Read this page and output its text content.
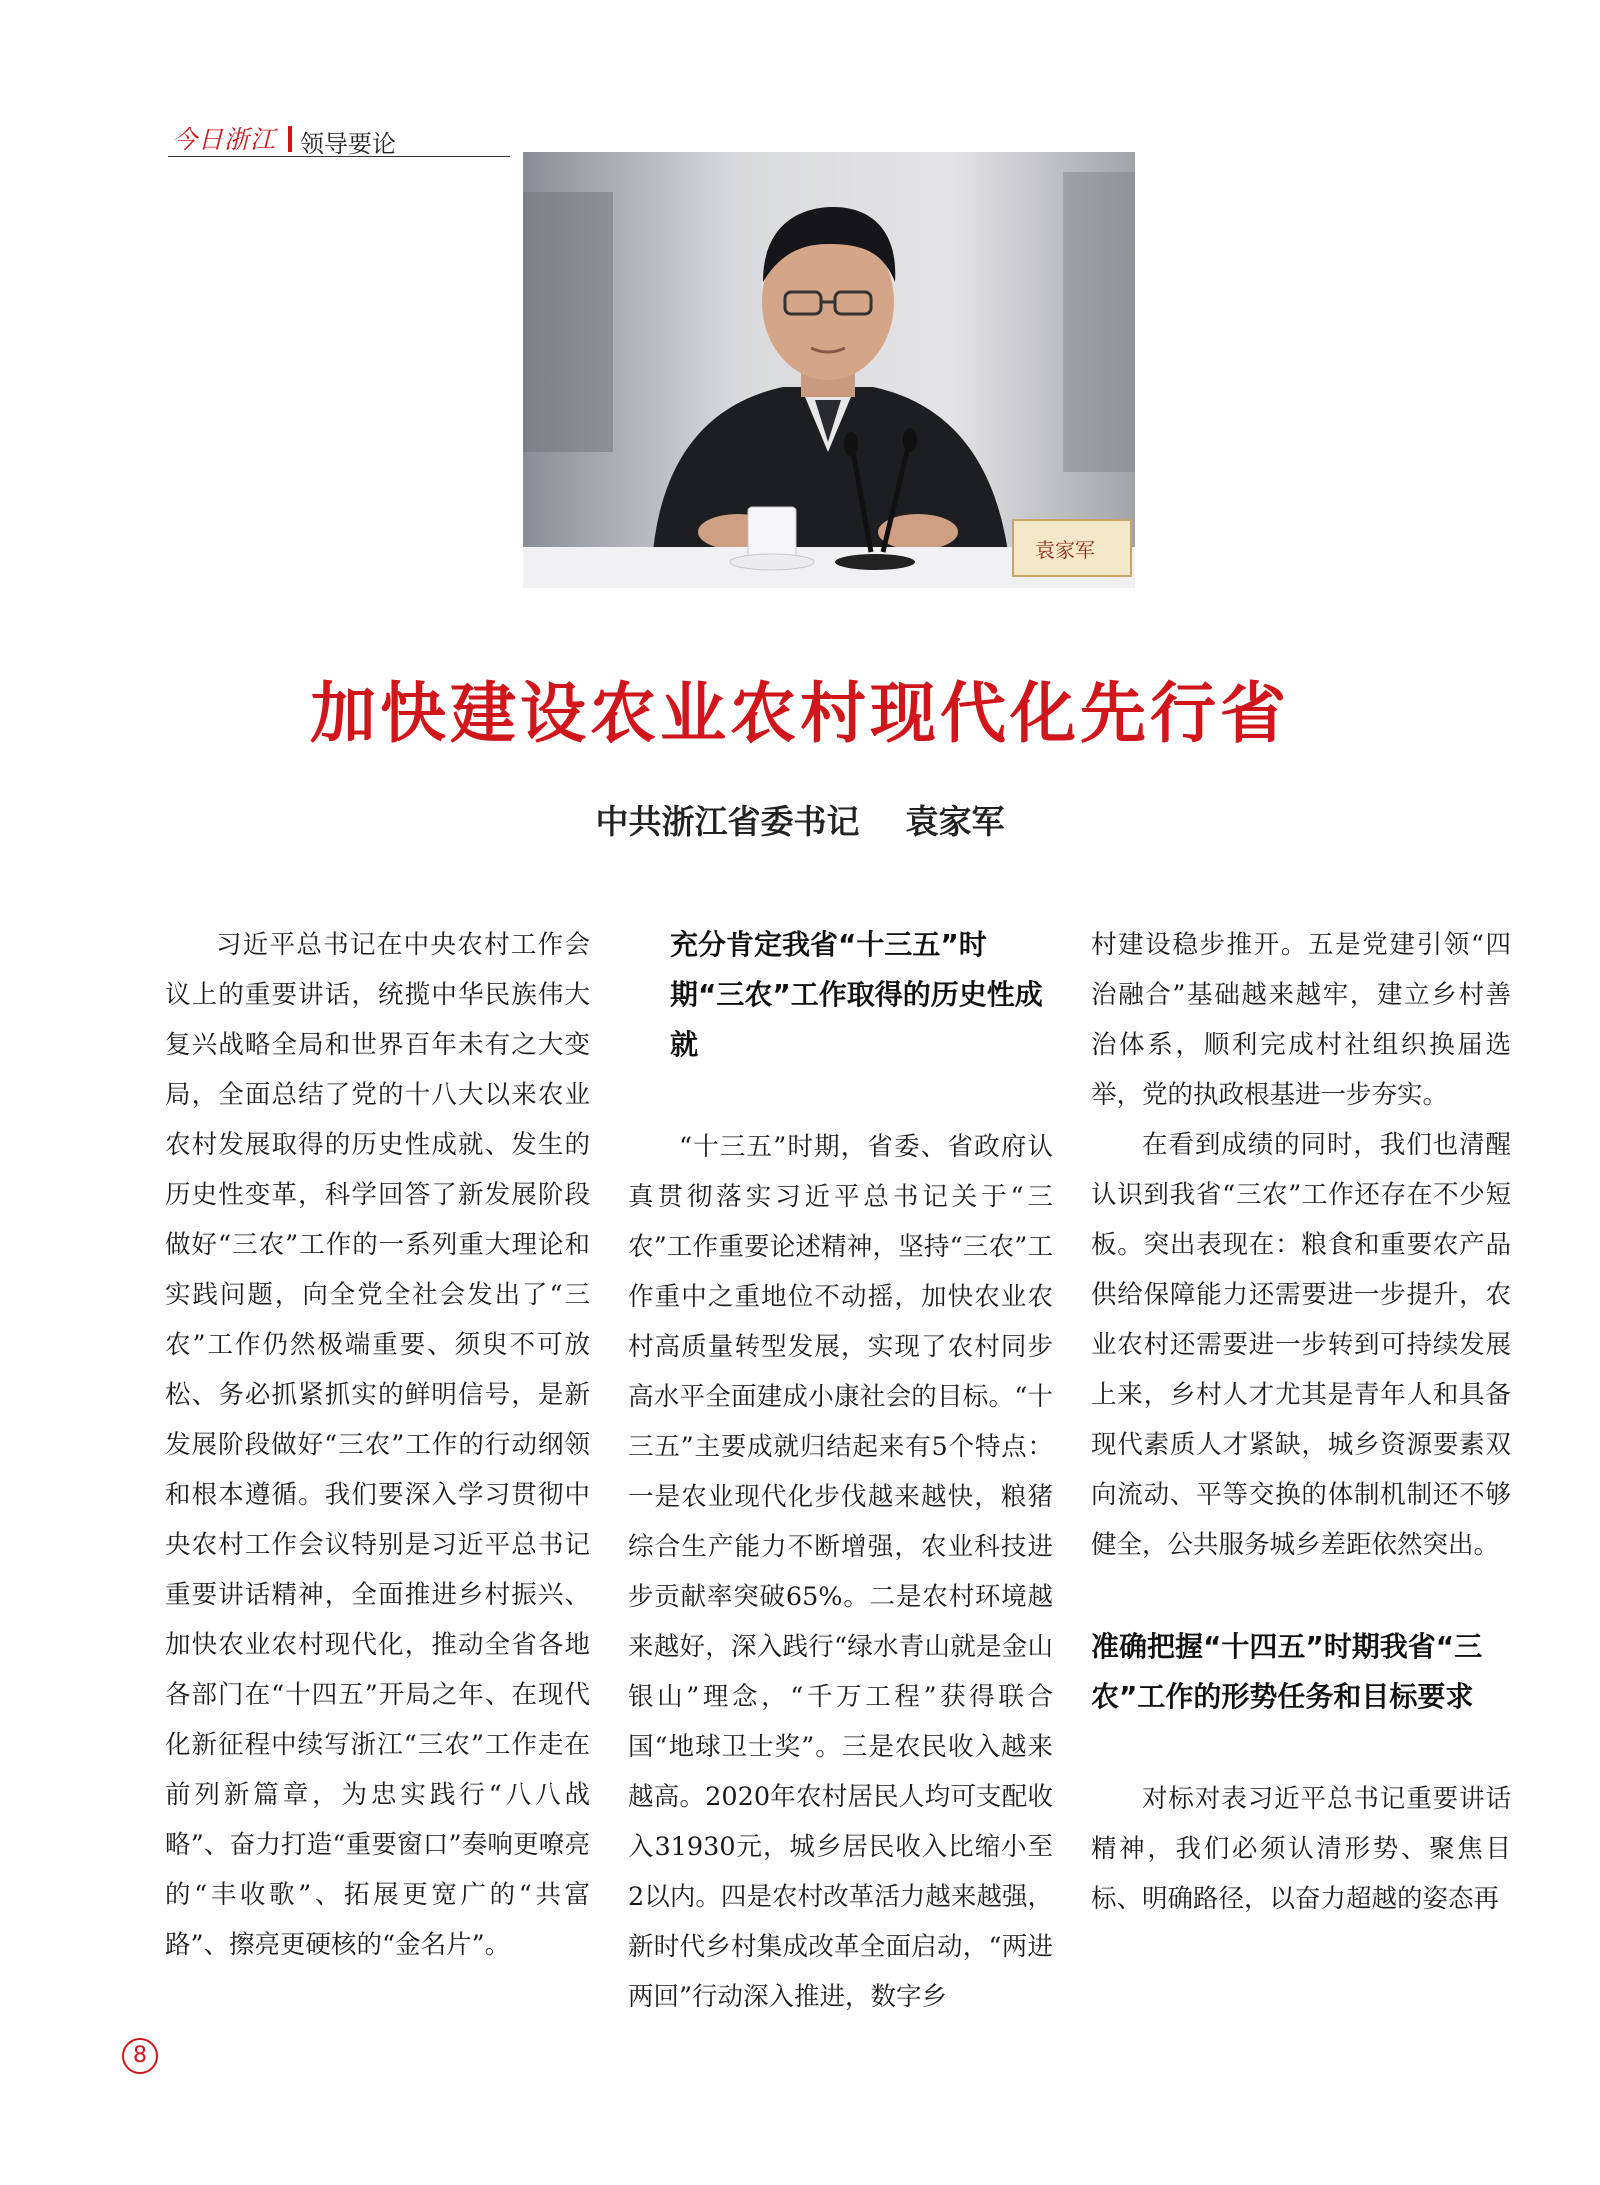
今日浙江 领导要论
袁家军
加快建设农业农村现代化先行省
中共浙江省委书记 袁家军

习近平总书记在中央农村工作会议上的重要讲话，统揽中华民族伟大复兴战略全局和世界百年未有之大变局，全面总结了党的十八大以来农业农村发展取得的历史性成就、发生的历史性变革，科学回答了新发展阶段做好“三农”工作的一系列重大理论和实践问题，向全党全社会发出了“三农”工作仍然极端重要、须臾不可放松、务必抓紧抓实的鲜明信号，是新发展阶段做好“三农”工作的行动纲领和根本遵循。我们要深入学习贯彻中央农村工作会议特别是习近平总书记重要讲话精神，全面推进乡村振兴、加快农业农村现代化，推动全省各地各部门在“十四五”开局之年、在现代化新征程中续写浙江“三农”工作走在前列新篇章，为忠实践行“八八战略”、奋力打造“重要窗口”奏响更嘹亮的“丰收歌”、拓展更宽广的“共富路”、擦亮更硬核的“金名片”。

充分肯定我省“十三五”时期“三农”工作取得的历史性成就

“十三五”时期，省委、省政府认真贯彻落实习近平总书记关于“三农”工作重要论述精神，坚持“三农”工作重中之重地位不动摇，加快农业农村高质量转型发展，实现了农村同步高水平全面建成小康社会的目标。“十三五”主要成就归结起来有5个特点：一是农业现代化步伐越来越快，粮猪综合生产能力不断增强，农业科技进步贡献率突破65%。二是农村环境越来越好，深入践行“绿水青山就是金山银山”理念，“千万工程”获得联合国“地球卫士奖”。三是农民收入越来越高。2020年农村居民人均可支配收入31930元，城乡居民收入比缩小至2以内。四是农村改革活力越来越强，新时代乡村集成改革全面启动，“两进两回”行动深入推进，数字乡

村建设稳步推开。五是党建引领“四治融合”基础越来越牢，建立乡村善治体系，顺利完成村社组织换届选举，党的执政根基进一步夯实。

在看到成绩的同时，我们也清醒认识到我省“三农”工作还存在不少短板。突出表现在：粮食和重要农产品供给保障能力还需要进一步提升，农业农村还需要进一步转到可持续发展上来，乡村人才尤其是青年人和具备现代素质人才紧缺，城乡资源要素双向流动、平等交换的体制机制还不够健全，公共服务城乡差距依然突出。

准确把握“十四五”时期我省“三农”工作的形势任务和目标要求

对标对表习近平总书记重要讲话精神，我们必须认清形势、聚焦目标、明确路径，以奋力超越的姿态再

8
